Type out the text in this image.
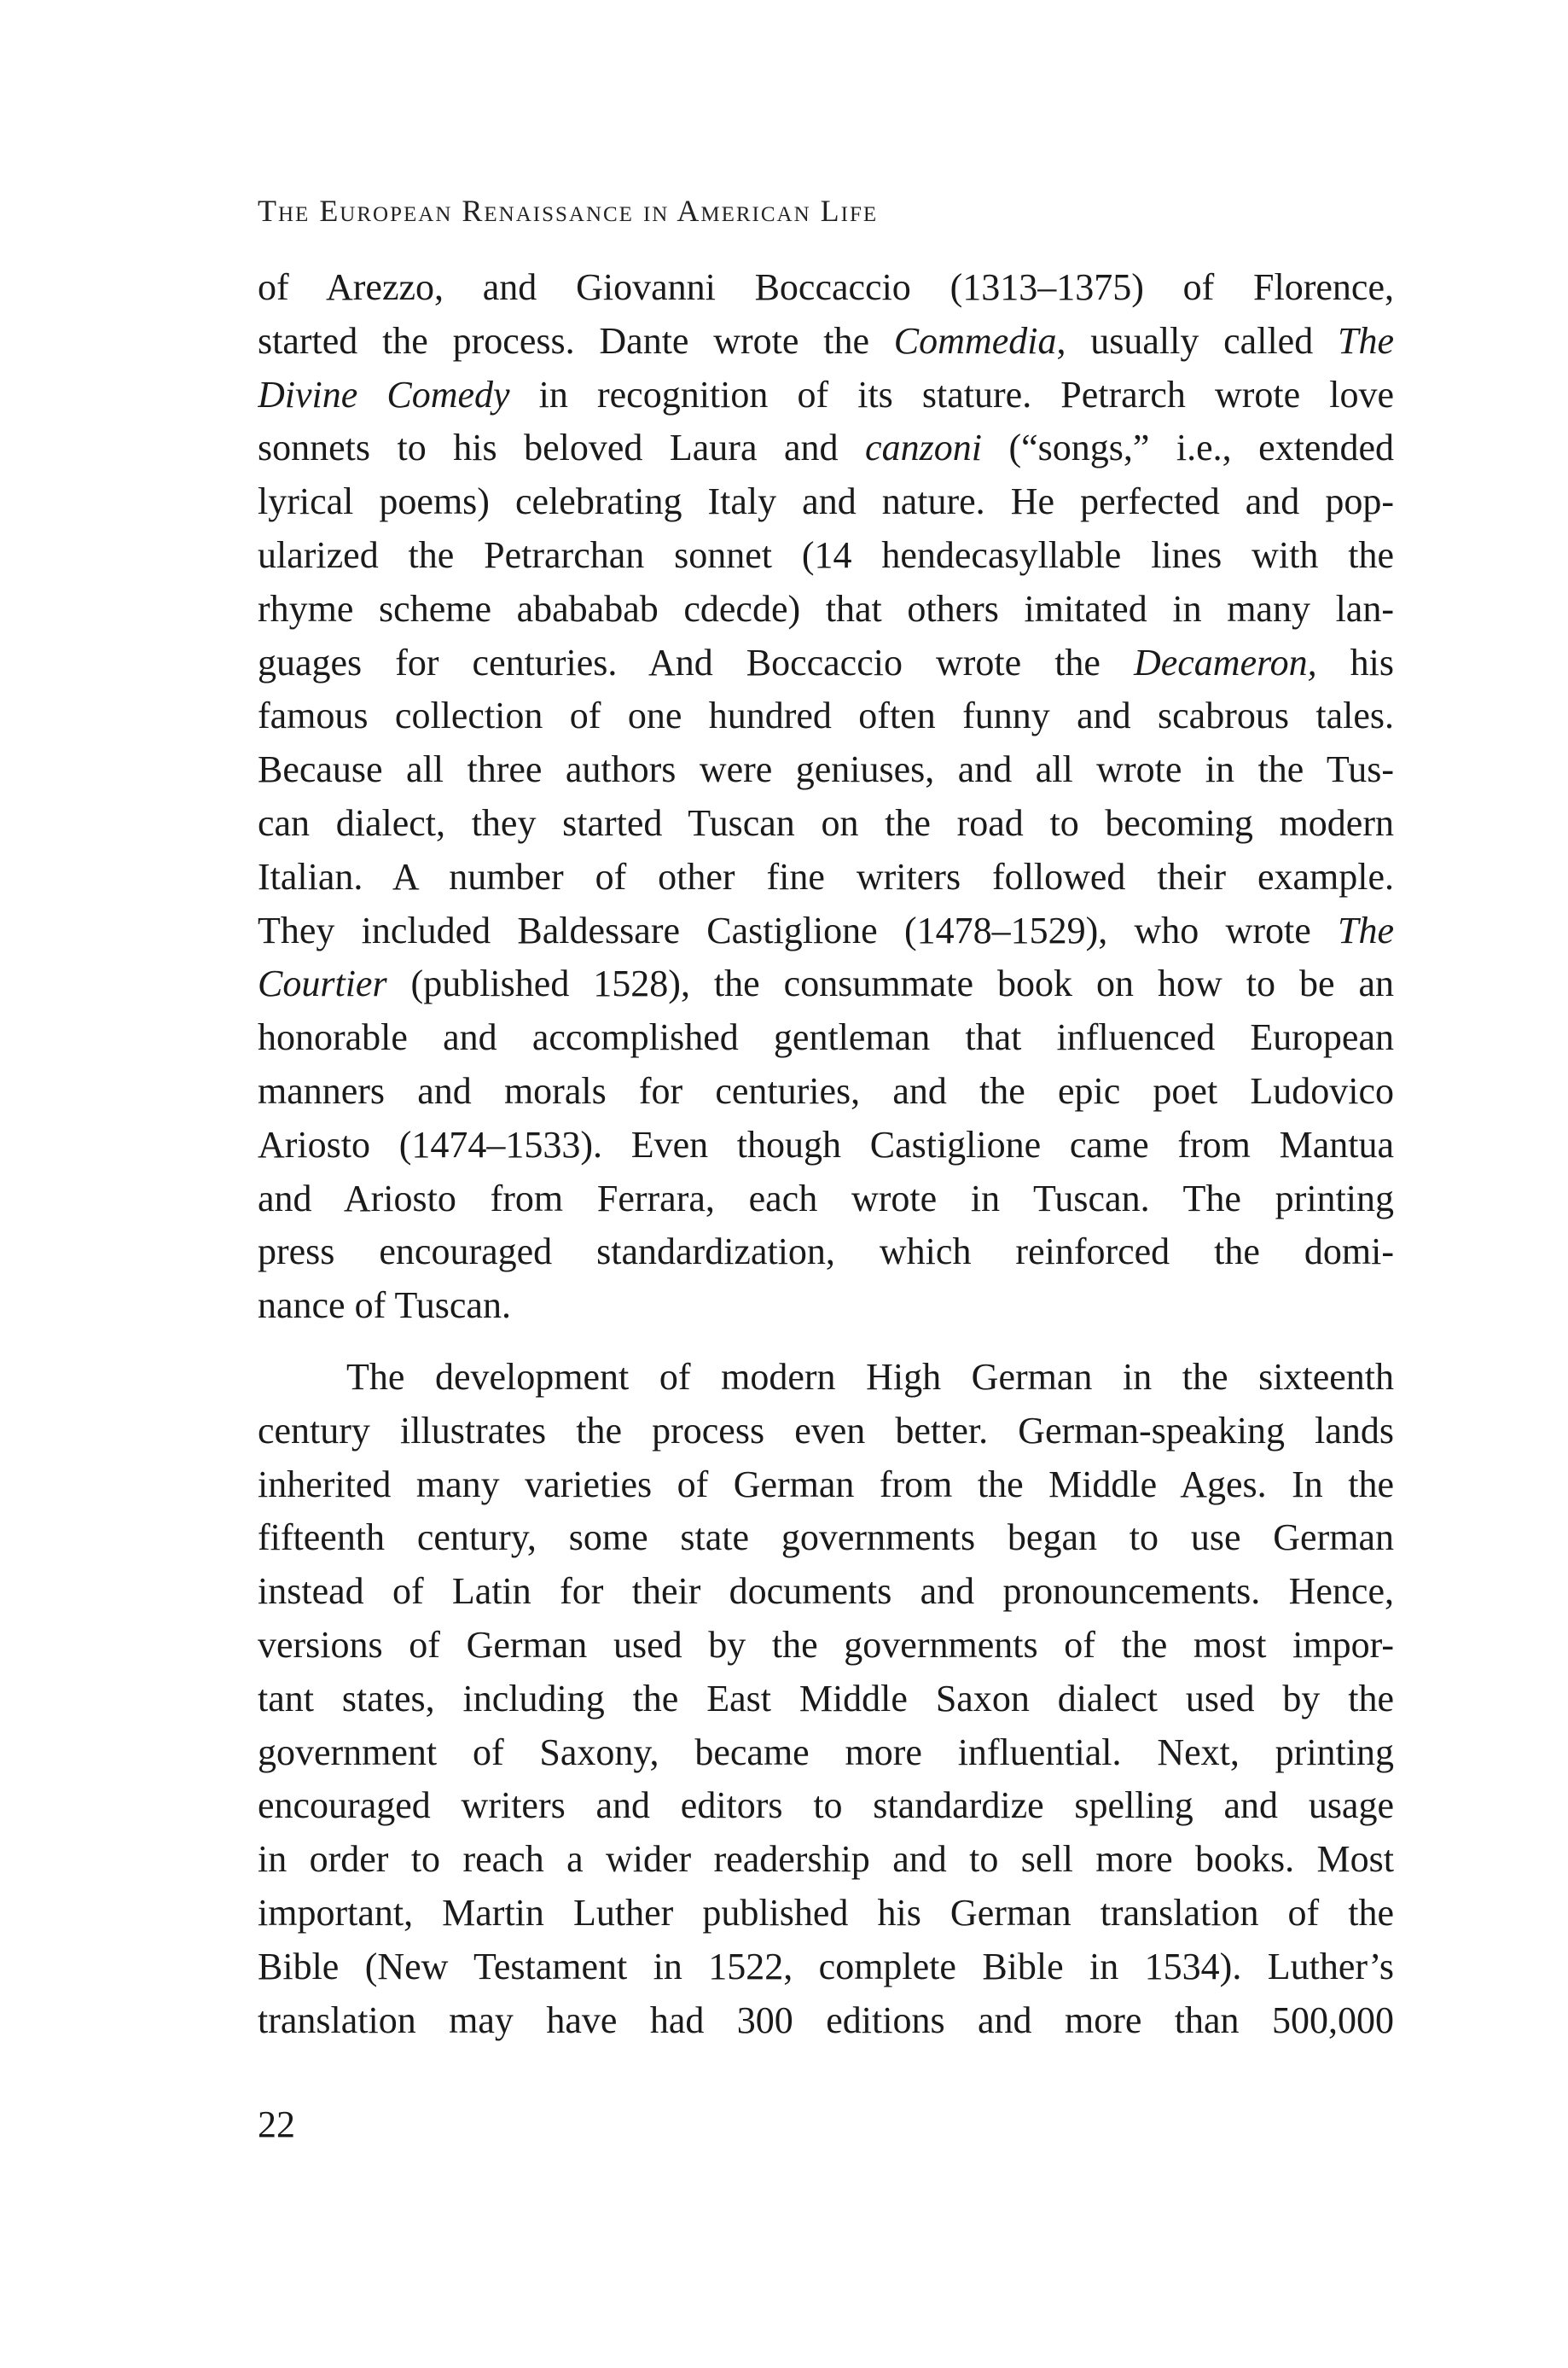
The European Renaissance in American Life
of Arezzo, and Giovanni Boccaccio (1313–1375) of Florence,
started the process. Dante wrote the Commedia, usually called The
Divine Comedy in recognition of its stature. Petrarch wrote love
sonnets to his beloved Laura and canzoni (“songs,” i.e., extended
lyrical poems) celebrating Italy and nature. He perfected and pop-
ularized the Petrarchan sonnet (14 hendecasyllable lines with the
rhyme scheme abababab cdecde) that others imitated in many lan-
guages for centuries. And Boccaccio wrote the Decameron, his
famous collection of one hundred often funny and scabrous tales.
Because all three authors were geniuses, and all wrote in the Tus-
can dialect, they started Tuscan on the road to becoming modern
Italian. A number of other fine writers followed their example.
They included Baldessare Castiglione (1478–1529), who wrote The
Courtier (published 1528), the consummate book on how to be an
honorable and accomplished gentleman that influenced European
manners and morals for centuries, and the epic poet Ludovico
Ariosto (1474–1533). Even though Castiglione came from Mantua
and Ariosto from Ferrara, each wrote in Tuscan. The printing
press encouraged standardization, which reinforced the domi-
nance of Tuscan.
The development of modern High German in the sixteenth
century illustrates the process even better. German-speaking lands
inherited many varieties of German from the Middle Ages. In the
fifteenth century, some state governments began to use German
instead of Latin for their documents and pronouncements. Hence,
versions of German used by the governments of the most impor-
tant states, including the East Middle Saxon dialect used by the
government of Saxony, became more influential. Next, printing
encouraged writers and editors to standardize spelling and usage
in order to reach a wider readership and to sell more books. Most
important, Martin Luther published his German translation of the
Bible (New Testament in 1522, complete Bible in 1534). Luther’s
translation may have had 300 editions and more than 500,000
22
